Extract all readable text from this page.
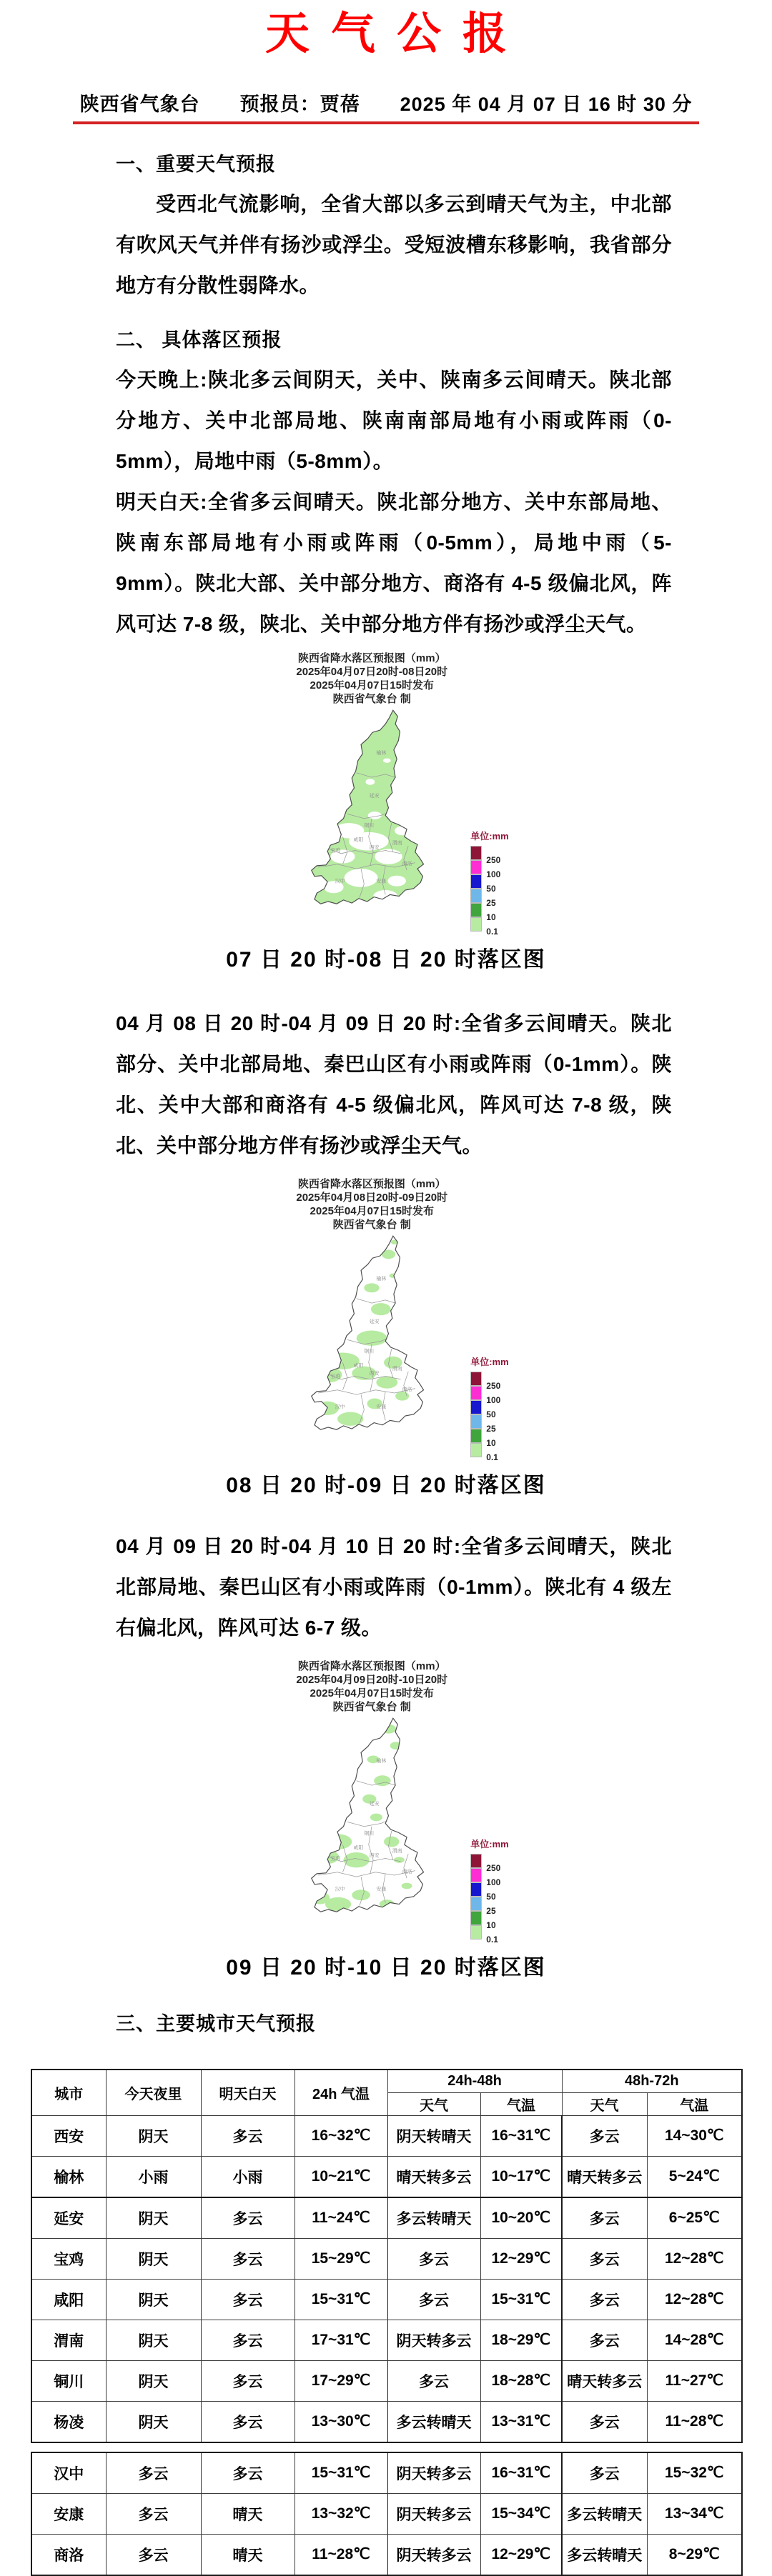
天气公报
陕西省气象台　　预报员：贾蓓　　2025 年 04 月 07 日 16 时 30 分
一、重要天气预报

受西北气流影响，全省大部以多云到晴天气为主，中北部有吹风天气并伴有扬沙或浮尘。受短波槽东移影响，我省部分地方有分散性弱降水。

二、 具体落区预报

今天晚上:陕北多云间阴天，关中、陕南多云间晴天。陕北部分地方、关中北部局地、陕南南部局地有小雨或阵雨（0-5mm），局地中雨（5-8mm）。

明天白天:全省多云间晴天。陕北部分地方、关中东部局地、陕南东部局地有小雨或阵雨（0-5mm），局地中雨（5-9mm）。陕北大部、关中部分地方、商洛有 4-5 级偏北风，阵风可达 7-8 级，陕北、关中部分地方伴有扬沙或浮尘天气。

陕西省降水落区预报图（mm）
2025年04月07日20时-08日20时
2025年04月07日15时发布
陕西省气象台 制
榆林
延安
铜川
渭南
西安
咸阳
宝鸡
汉中	安康
商洛
单位:mm
250
100
50
25
10
0.1
07 日 20 时-08 日 20 时落区图

04 月 08 日 20 时-04 月 09 日 20 时:全省多云间晴天。陕北部分、关中北部局地、秦巴山区有小雨或阵雨（0-1mm）。陕北、关中大部和商洛有 4-5 级偏北风，阵风可达 7-8 级，陕北、关中部分地方伴有扬沙或浮尘天气。

陕西省降水落区预报图（mm）
2025年04月08日20时-09日20时
2025年04月07日15时发布
陕西省气象台 制
榆林
延安
铜川
渭南
西安
咸阳
宝鸡
汉中	安康
商洛
单位:mm
250
100
50
25
10
0.1
08 日 20 时-09 日 20 时落区图

04 月 09 日 20 时-04 月 10 日 20 时:全省多云间晴天，陕北北部局地、秦巴山区有小雨或阵雨（0-1mm）。陕北有 4 级左右偏北风，阵风可达 6-7 级。

陕西省降水落区预报图（mm）
2025年04月09日20时-10日20时
2025年04月07日15时发布
陕西省气象台 制
榆林
延安
铜川
渭南
西安
咸阳
宝鸡
汉中	安康
商洛
单位:mm
250
100
50
25
10
0.1
09 日 20 时-10 日 20 时落区图
三、主要城市天气预报
城市	今天夜里	明天白天	24h 气温	24h-48h		48h-72h	
				天气	气温	天气	气温
西安	阴天	多云	16~32℃	阴天转晴天	16~31℃	多云	14~30℃
榆林	小雨	小雨	10~21℃	晴天转多云	10~17℃	晴天转多云	5~24℃
延安	阴天	多云	11~24℃	多云转晴天	10~20℃	多云	6~25℃
宝鸡	阴天	多云	15~29℃	多云	12~29℃	多云	12~28℃
咸阳	阴天	多云	15~31℃	多云	15~31℃	多云	12~28℃
渭南	阴天	多云	17~31℃	阴天转多云	18~29℃	多云	14~28℃
铜川	阴天	多云	17~29℃	多云	18~28℃	晴天转多云	11~27℃
杨凌	阴天	多云	13~30℃	多云转晴天	13~31℃	多云	11~28℃
汉中	多云	多云	15~31℃	阴天转多云	16~31℃	多云	15~32℃
安康	多云	晴天	13~32℃	阴天转多云	15~34℃	多云转晴天	13~34℃
商洛	多云	晴天	11~28℃	阴天转多云	12~29℃	多云转晴天	8~29℃
